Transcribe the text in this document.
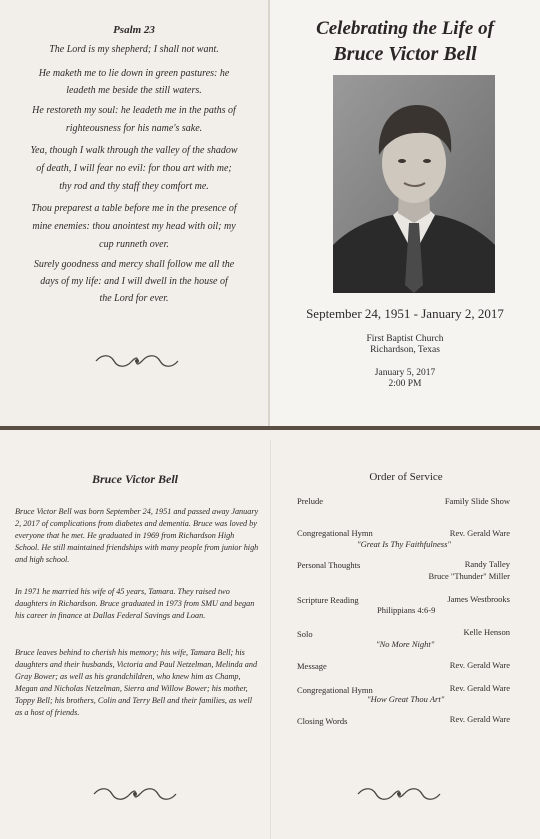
Psalm 23
The Lord is my shepherd; I shall not want.
He maketh me to lie down in green pastures: he
leadeth me beside the still waters.
He restoreth my soul: he leadeth me in the paths of
righteousness for his name's sake.
Yea, though I walk through the valley of the shadow
of death, I will fear no evil: for thou art with me;
thy rod and thy staff they comfort me.
Thou preparest a table before me in the presence of
mine enemies: thou anointest my head with oil; my
cup runneth over.
Surely goodness and mercy shall follow me all the
days of my life: and I will dwell in the house of
the Lord for ever.
Celebrating the Life of
Bruce Victor Bell
September 24, 1951 - January 2, 2017
First Baptist Church
Richardson, Texas
January 5, 2017
2:00 PM
Bruce Victor Bell
Bruce Victor Bell was born September 24, 1951 and passed away January 2, 2017 of complications from diabetes and dementia. Bruce was loved by everyone that he met. He graduated in 1969 from Richardson High School. He still maintained friendships with many people from junior high and high school.
In 1971 he married his wife of 45 years, Tamara. They raised two daughters in Richardson. Bruce graduated in 1973 from SMU and began his career in finance at Dallas Federal Savings and Loan.
Bruce leaves behind to cherish his memory; his wife, Tamara Bell; his daughters and their husbands, Victoria and Paul Netzelman, Melinda and Gray Bower; as well as his grandchildren, who knew him as Champ, Megan and Nicholas Netzelman, Sierra and Willow Bower; his mother, Toppy Bell; his brothers, Colin and Terry Bell and their families, as well as a host of friends.
Order of Service
Prelude	Family Slide Show
Congregational Hymn	Rev. Gerald Ware
"Great Is Thy Faithfulness"
Personal Thoughts	Randy Talley
Bruce "Thunder" Miller
Scripture Reading	James Westbrooks
Philippians 4:6-9
Solo	Kelle Henson
"No More Night"
Message	Rev. Gerald Ware
Congregational Hymn	Rev. Gerald Ware
"How Great Thou Art"
Closing Words	Rev. Gerald Ware
